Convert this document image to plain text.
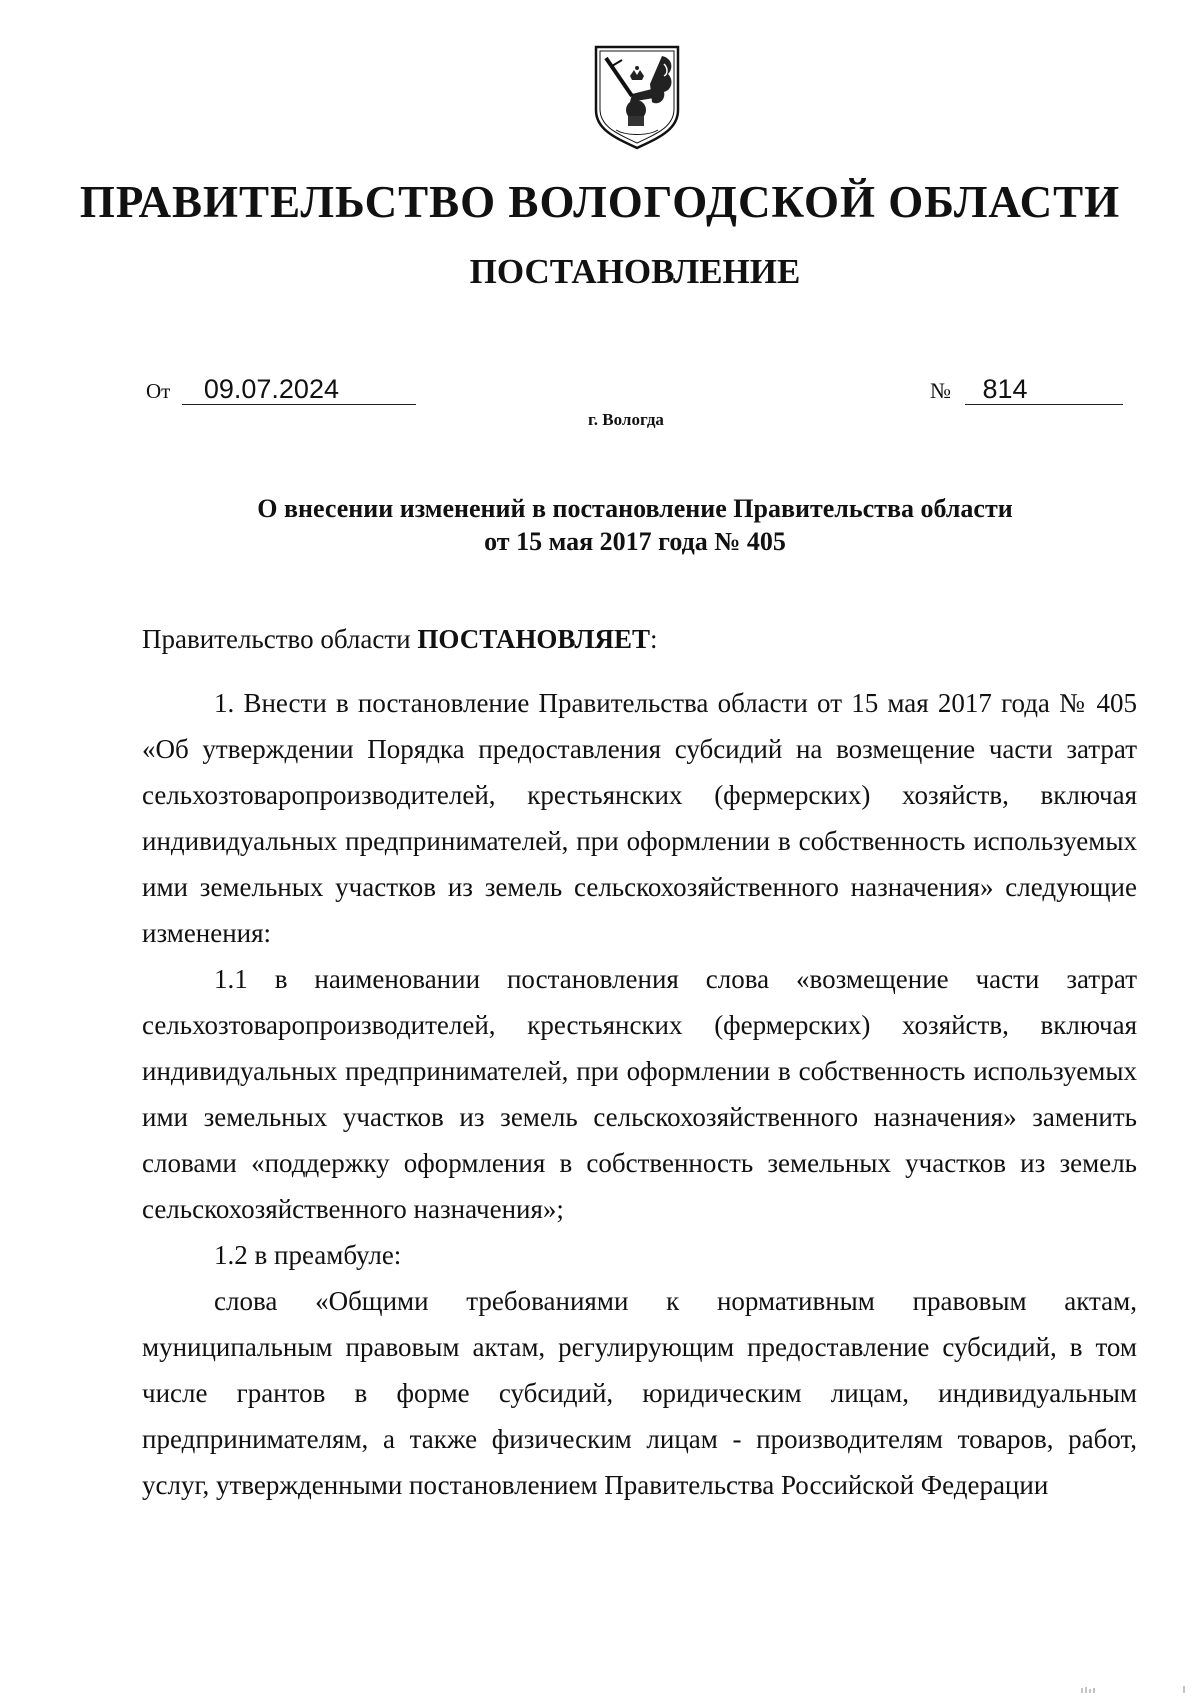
ПРАВИТЕЛЬСТВО ВОЛОГОДСКОЙ ОБЛАСТИ
ПОСТАНОВЛЕНИЕ
От 09.07.2024	№ 814
г. Вологда
О внесении изменений в постановление Правительства области
от 15 мая 2017 года № 405

Правительство области ПОСТАНОВЛЯЕТ:

1. Внести в постановление Правительства области от 15 мая 2017 года № 405 «Об утверждении Порядка предоставления субсидий на возмещение части затрат сельхозтоваропроизводителей, крестьянских (фермерских) хозяйств, включая индивидуальных предпринимателей, при оформлении в собственность используемых ими земельных участков из земель сельскохозяйственного назначения» следующие изменения:

1.1 в наименовании постановления слова «возмещение части затрат сельхозтоваропроизводителей, крестьянских (фермерских) хозяйств, включая индивидуальных предпринимателей, при оформлении в собственность используемых ими земельных участков из земель сельскохозяйственного назначения» заменить словами «поддержку оформления в собственность земельных участков из земель сельскохозяйственного назначения»;

1.2 в преамбуле:

слова «Общими требованиями к нормативным правовым актам, муниципальным правовым актам, регулирующим предоставление субсидий, в том числе грантов в форме субсидий, юридическим лицам, индивидуальным предпринимателям, а также физическим лицам - производителям товаров, работ, услуг, утвержденными постановлением Правительства Российской Федерации
